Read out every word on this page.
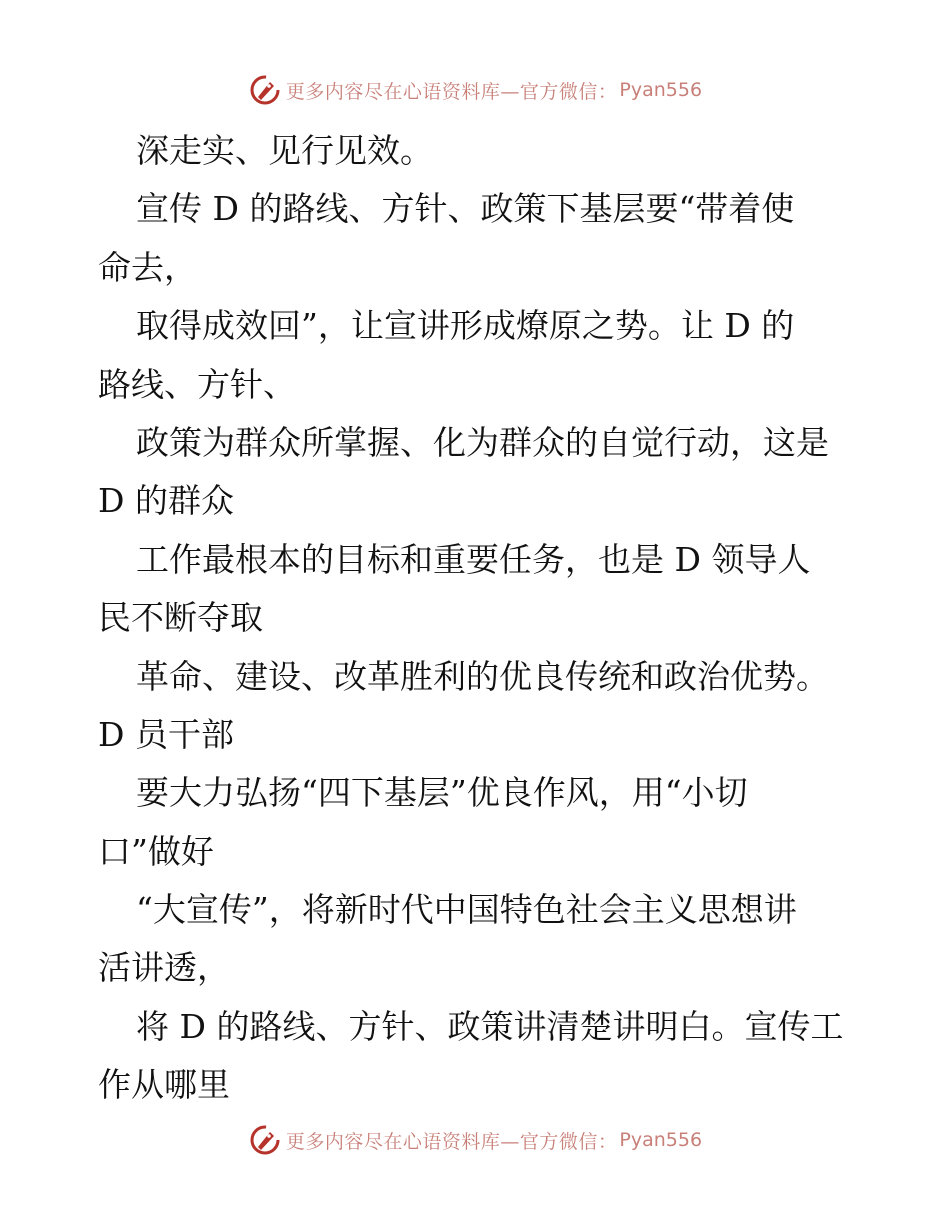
更多内容尽在心语资料库—官方微信： Pyan556
深走实、见行见效。
宣传 D 的路线、方针、政策下基层要“带着使
命去，
取得成效回”，让宣讲形成燎原之势。让 D 的
路线、方针、
政策为群众所掌握、化为群众的自觉行动，这是
D 的群众
工作最根本的目标和重要任务，也是 D 领导人
民不断夺取
革命、建设、改革胜利的优良传统和政治优势。
D 员干部
要大力弘扬“四下基层”优良作风，用“小切
口”做好
“大宣传”，将新时代中国特色社会主义思想讲
活讲透，
将 D 的路线、方针、政策讲清楚讲明白。宣传工
作从哪里
更多内容尽在心语资料库—官方微信： Pyan556
